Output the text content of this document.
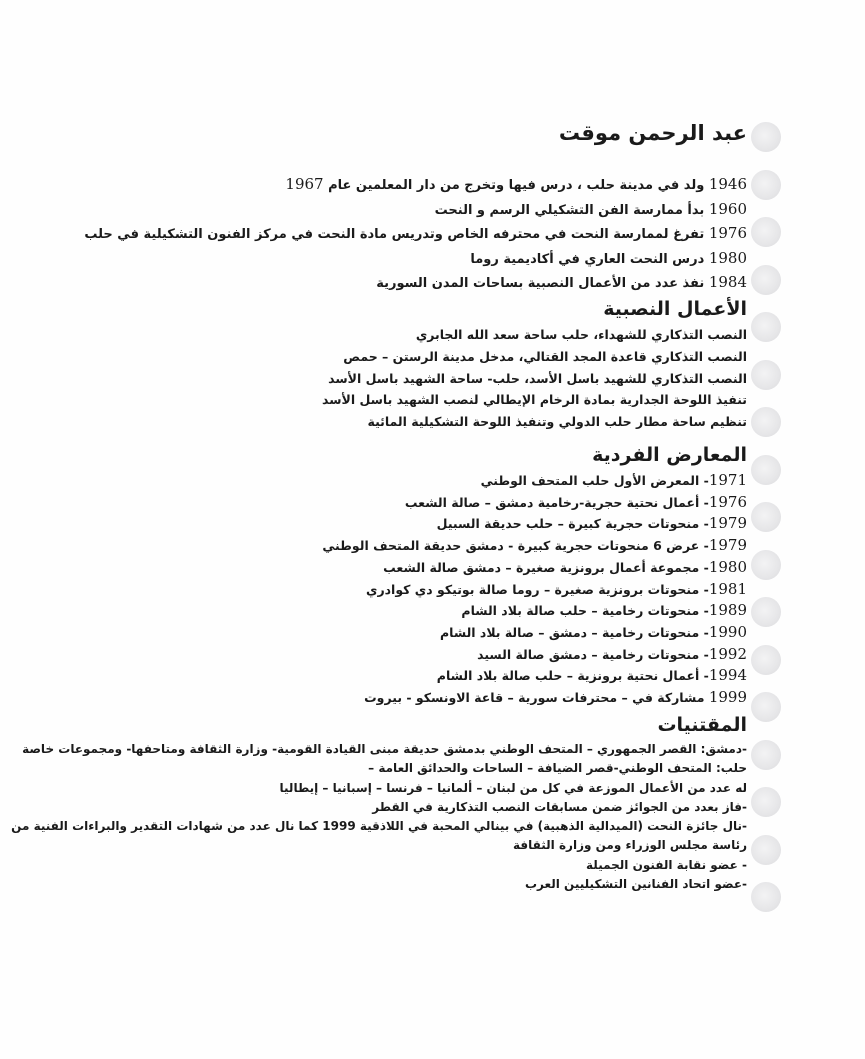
عبد الرحمن موقت
1946 ولد في مدينة حلب ، درس فيها وتخرج من دار المعلمين عام 1967
1960 بدأ ممارسة الفن التشكيلي الرسم و النحت
1976 تفرغ لممارسة النحت في محترفه الخاص وتدريس مادة النحت في مركز الفنون التشكيلية في حلب
1980 درس النحت العاري في أكاديمية روما
1984 نفذ عدد من الأعمال النصبية بساحات المدن السورية
الأعمال النصبية
النصب التذكاري للشهداء، حلب ساحة سعد الله الجابري
النصب التذكاري قاعدة المجد القتالي، مدخل مدينة الرستن – حمص
النصب التذكاري للشهيد باسل الأسد، حلب- ساحة الشهيد باسل الأسد
تنفيذ اللوحة الجدارية بمادة الرخام الإيطالي لنصب الشهيد باسل الأسد
تنظيم ساحة مطار حلب الدولي وتنفيذ اللوحة التشكيلية المائية
المعارض الفردية
1971- المعرض الأول حلب المتحف الوطني
1976- أعمال نحتية حجرية-رخامية دمشق – صالة الشعب
1979- منحوتات حجرية كبيرة – حلب حديقة السبيل
1979- عرض 6 منحوتات حجرية كبيرة - دمشق حديقة المتحف الوطني
1980- مجموعة أعمال برونزية صغيرة – دمشق صالة الشعب
1981- منحوتات برونزية صغيرة – روما صالة بوتيكو دي كوادري
1989- منحوتات رخامية – حلب صالة بلاد الشام
1990- منحوتات رخامية – دمشق – صالة بلاد الشام
1992- منحوتات رخامية – دمشق صالة السيد
1994- أعمال نحتية برونزية – حلب صالة بلاد الشام
1999 مشاركة في – محترفات سورية – قاعة الاونسكو - بيروت
المقتنيات
-دمشق: القصر الجمهوري – المتحف الوطني بدمشق حديقة مبنى القيادة القومية- وزارة الثقافة ومتاحفها- ومجموعات خاصة
حلب: المتحف الوطني-قصر الضيافة – الساحات والحدائق العامة –
له عدد من الأعمال الموزعة في كل من لبنان – ألمانيا – فرنسا – إسبانيا – إيطاليا
-فاز بعدد من الجوائز ضمن مسابقات النصب التذكارية في القطر
-نال جائزة النحت (الميدالية الذهبية) في بينالي المحبة في اللاذقية 1999 كما نال عدد من شهادات التقدير والبراءات الفنية من
رئاسة مجلس الوزراء ومن وزارة الثقافة
- عضو نقابة الفنون الجميلة
-عضو اتحاد الفنانين التشكيليين العرب
